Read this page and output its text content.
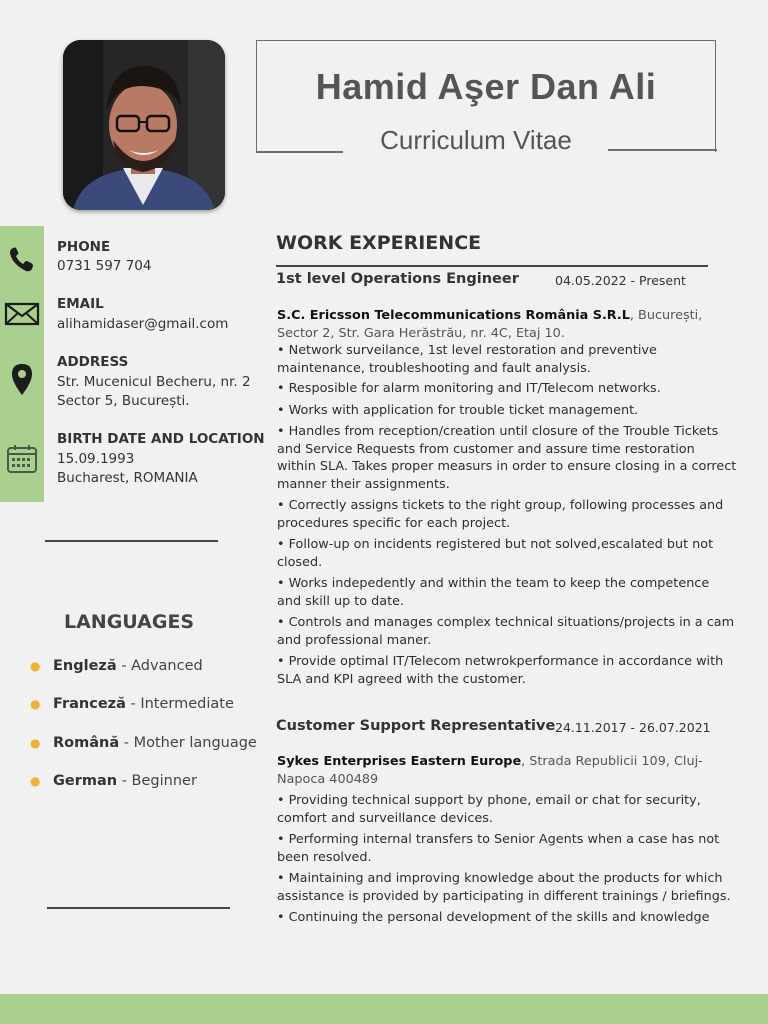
Hamid Aşer Dan Ali
Curriculum Vitae
PHONE
0731 597 704
EMAIL
alihamidaser@gmail.com
ADDRESS
Str. Mucenicul Becheru, nr. 2
Sector 5, București.
BIRTH DATE AND LOCATION
15.09.1993
Bucharest, ROMANIA
LANGUAGES
● Engleză - Advanced
● Franceză - Intermediate
● Română - Mother language
● German - Beginner
WORK EXPERIENCE
1st level Operations Engineer	04.05.2022 - Present

S.C. Ericsson Telecommunications România S.R.L, București, Sector 2, Str. Gara Herăstrău, nr. 4C, Etaj 10.

• Network surveilance, 1st level restoration and preventive maintenance, troubleshooting and fault analysis.

• Resposible for alarm monitoring and IT/Telecom networks.

• Works with application for trouble ticket management.

• Handles from reception/creation until closure of the Trouble Tickets and Service Requests from customer and assure time restoration within SLA. Takes proper measurs in order to ensure closing in a correct manner their assignments.

• Correctly assigns tickets to the right group, following processes and procedures specific for each project.

• Follow-up on incidents registered but not solved,escalated but not closed.

• Works indepedently and within the team to keep the competence and skill up to date.

• Controls and manages complex technical situations/projects in a cam and professional maner.

• Provide optimal IT/Telecom netwrokperformance in accordance with SLA and KPI agreed with the customer.

Customer Support Representative 24.11.2017 - 26.07.2021

Sykes Enterprises Eastern Europe, Strada Republicii 109, Cluj-Napoca 400489

• Providing technical support by phone, email or chat for security, comfort and surveillance devices.

• Performing internal transfers to Senior Agents when a case has not been resolved.

• Maintaining and improving knowledge about the products for which assistance is provided by participating in different trainings / briefings.

• Continuing the personal development of the skills and knowledge
